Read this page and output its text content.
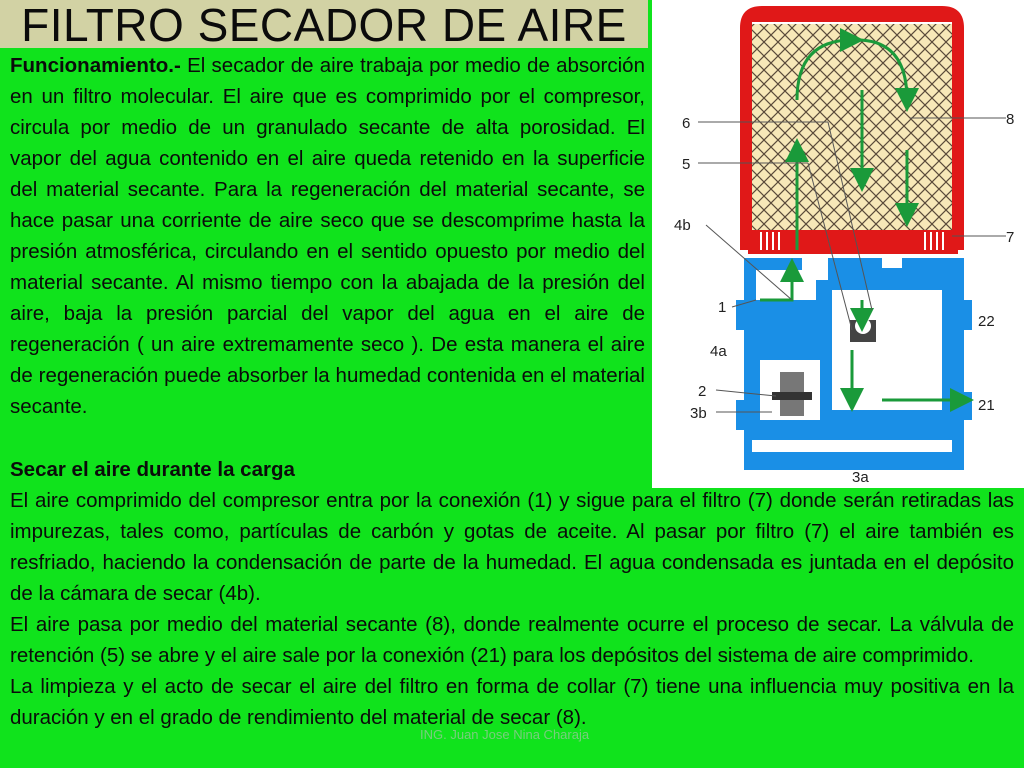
FILTRO SECADOR DE AIRE
Funcionamiento.- El secador de aire trabaja por medio de absorción en un filtro molecular. El aire que es comprimido por el compresor, circula por medio de un granulado secante de alta porosidad. El vapor del agua contenido en el aire queda retenido en la superficie del material secante. Para la regeneración del material secante, se hace pasar una corriente de aire seco que se descomprime hasta la presión atmosférica, circulando en el sentido opuesto por medio del material secante. Al mismo tiempo con la abajada de la presión del aire, baja la presión parcial del vapor del agua en el aire de regeneración ( un aire extremamente seco ). De esta manera el aire de regeneración puede absorber la humedad contenida en el material secante.
6
5
4b
1
4a
2
3b
8
7
22
21
3a
Secar el aire durante la carga

El aire comprimido del compresor entra por la conexión (1) y sigue para el filtro (7) donde serán retiradas las impurezas, tales como, partículas de carbón y gotas de aceite. Al pasar por filtro (7) el aire también es resfriado, haciendo la condensación de parte de la humedad. El agua condensada es juntada en el depósito de la cámara de secar (4b).

El aire pasa por medio del material secante (8), donde realmente ocurre el proceso de secar. La válvula de retención (5) se abre y el aire sale por la conexión (21) para los depósitos del sistema de aire comprimido.

La limpieza y el acto de secar el aire del filtro en forma de collar (7) tiene una influencia muy positiva en la duración y en el grado de rendimiento del material de secar (8).

ING. Juan Jose Nina Charaja
